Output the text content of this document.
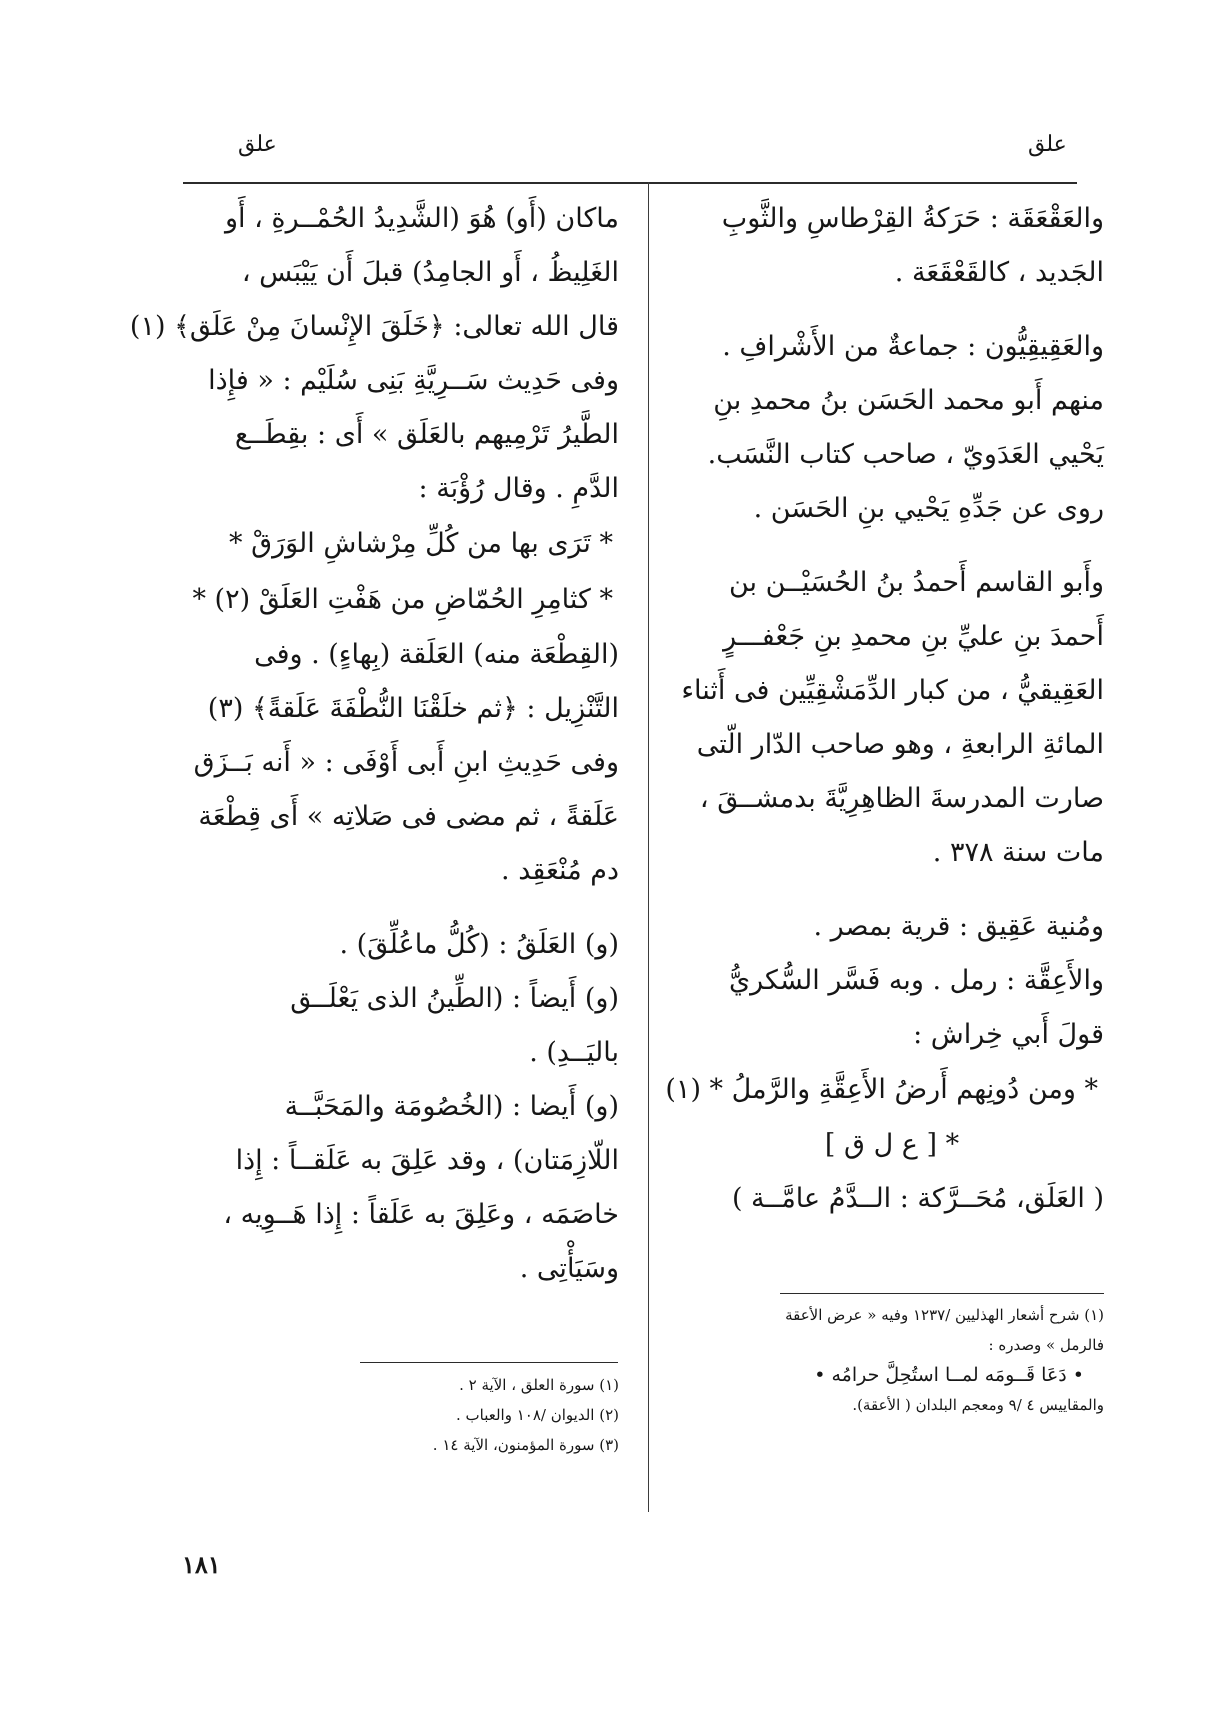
علق	علق
والعَقْعَقَة : حَرَكةُ القِرْطاسِ والثَّوبِ
الجَديد ، كالقَعْقَعَة .
والعَقِيقِيُّون : جماعةٌ من الأَشْرافِ .
منهم أَبو محمد الحَسَن بنُ محمدِ بنِ
يَحْيي العَدَويّ ، صاحب كتاب النَّسَب.
روى عن جَدِّهِ يَحْيي بنِ الحَسَن .
وأَبو القاسم أَحمدُ بنُ الحُسَيْــن بن
أَحمدَ بنِ عليِّ بنِ محمدِ بنِ جَعْفـــرٍ
العَقِيقيُّ ، من كبار الدِّمَشْقِيِّين فى أَثناء
المائةِ الرابعةِ ، وهو صاحب الدّار الّتى
صارت المدرسةَ الظاهِرِيَّةَ بدمشــقَ ،
مات سنة ٣٧٨ .
ومُنية عَقِيق : قرية بمصر .
والأَعِقَّة : رمل . وبه فَسَّر السُّكريُّ
قولَ أَبي خِراش :
* ومن دُونِهم أَرضُ الأَعِقَّةِ والرَّملُ * (١)
* [ ع ل ق ]
( العَلَق، مُحَــرَّكة : الــدَّمُ عامَّــة )
(١) شرح أشعار الهذليين /١٢٣٧ وفيه « عرض الأعقة
فالرمل » وصدره :
• دَعَا قَــومَه لمــا استُحِلَّ حرامُه •
والمقاييس ٤ /٩ ومعجم البلدان ( الأعقة).
ماكان (أَو) هُوَ (الشَّدِيدُ الحُمْــرةِ ، أَو
الغَلِيظُ ، أَو الجامِدُ) قبلَ أَن يَيْبَس ،
قال الله تعالى: ﴿خَلَقَ الإِنْسانَ مِنْ عَلَق﴾ (١)
وفى حَدِيث سَــرِيَّةِ بَنِى سُلَيْم : « فإِذا
الطَّيرُ تَرْمِيهم بالعَلَق » أَى : بقِطَــع
الدَّمِ . وقال رُؤْبَة :
* تَرَى بها من كُلِّ مِرْشاشِ الوَرَقْ *
* كثامِرِ الحُمّاضِ من هَفْتِ العَلَقْ (٢) *
(القِطْعَة منه) العَلَقة (بِهاءٍ) . وفى
التَّنْزِيل : ﴿ثم خلَقْنَا النُّطْفَةَ عَلَقةً﴾ (٣)
وفى حَدِيثِ ابنِ أَبى أَوْفَى : « أَنه بَــزَق
عَلَقةً ، ثم مضى فى صَلاتِه » أَى قِطْعَة
دم مُنْعَقِد .
(و) العَلَقُ : (كُلُّ ماعُلِّقَ) .
(و) أَيضاً : (الطِّينُ الذى يَعْلَــق
باليَــدِ) .
(و) أَيضا : (الخُصُومَة والمَحَبَّــة
اللّازِمَتان) ، وقد عَلِقَ به عَلَقــاً : إِذا
خاصَمَه ، وعَلِقَ به عَلَقاً : إِذا هَــوِيه ،
وسَيَأْتِى .
(١) سورة العلق ، الآية ٢ .
(٢) الديوان /١٠٨ والعباب .
(٣) سورة المؤمنون، الآية ١٤ .
١٨١
